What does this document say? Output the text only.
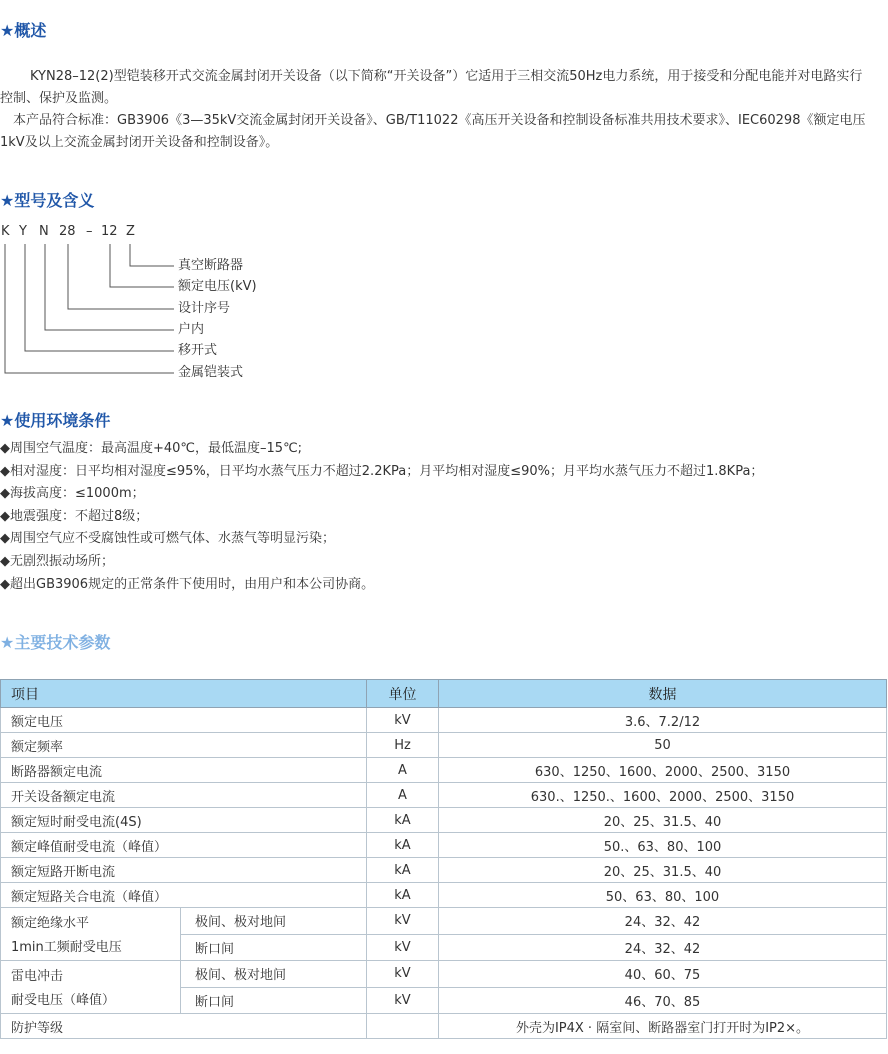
★概述
KYN28–12(2)型铠装移开式交流金属封闭开关设备（以下简称“开关设备”）它适用于三相交流50Hz电力系统，用于接受和分配电能并对电路实行
控制、保护及监测。
本产品符合标准：GB3906《3—35kV交流金属封闭开关设备》、GB/T11022《高压开关设备和控制设备标准共用技术要求》、IEC60298《额定电压
1kV及以上交流金属封闭开关设备和控制设备》。
★型号及含义
K Y N 28 – 12 Z
真空断路器
额定电压(kV)
设计序号
户内
移开式
金属铠装式
★使用环境条件
◆周围空气温度：最高温度+40℃，最低温度–15℃;
◆相对湿度：日平均相对湿度≤95%，日平均水蒸气压力不超过2.2KPa；月平均相对湿度≤90%；月平均水蒸气压力不超过1.8KPa；
◆海拔高度：≤1000m；
◆地震强度：不超过8级；
◆周围空气应不受腐蚀性或可燃气体、水蒸气等明显污染；
◆无剧烈振动场所；
◆超出GB3906规定的正常条件下使用时，由用户和本公司协商。
★主要技术参数
项目		单位	数据
额定电压		kV	3.6、7.2/12
额定频率		Hz	50
断路器额定电流		A	630、1250、1600、2000、2500、3150
开关设备额定电流		A	630.、1250.、1600、2000、2500、3150
额定短时耐受电流(4S)		kA	20、25、31.5、40
额定峰值耐受电流（峰值）		kA	50.、63、80、100
额定短路开断电流		kA	20、25、31.5、40
额定短路关合电流（峰值）		kA	50、63、80、100

额定绝缘水平
1min工频耐受电压	极间、极对地间	kV	24、32、42
	断口间	kV	24、32、42

雷电冲击
耐受电压（峰值）	极间、极对地间	kV	40、60、75
	断口间	kV	46、70、85
防护等级			外壳为IP4X · 隔室间、断路器室门打开时为IP2×。
